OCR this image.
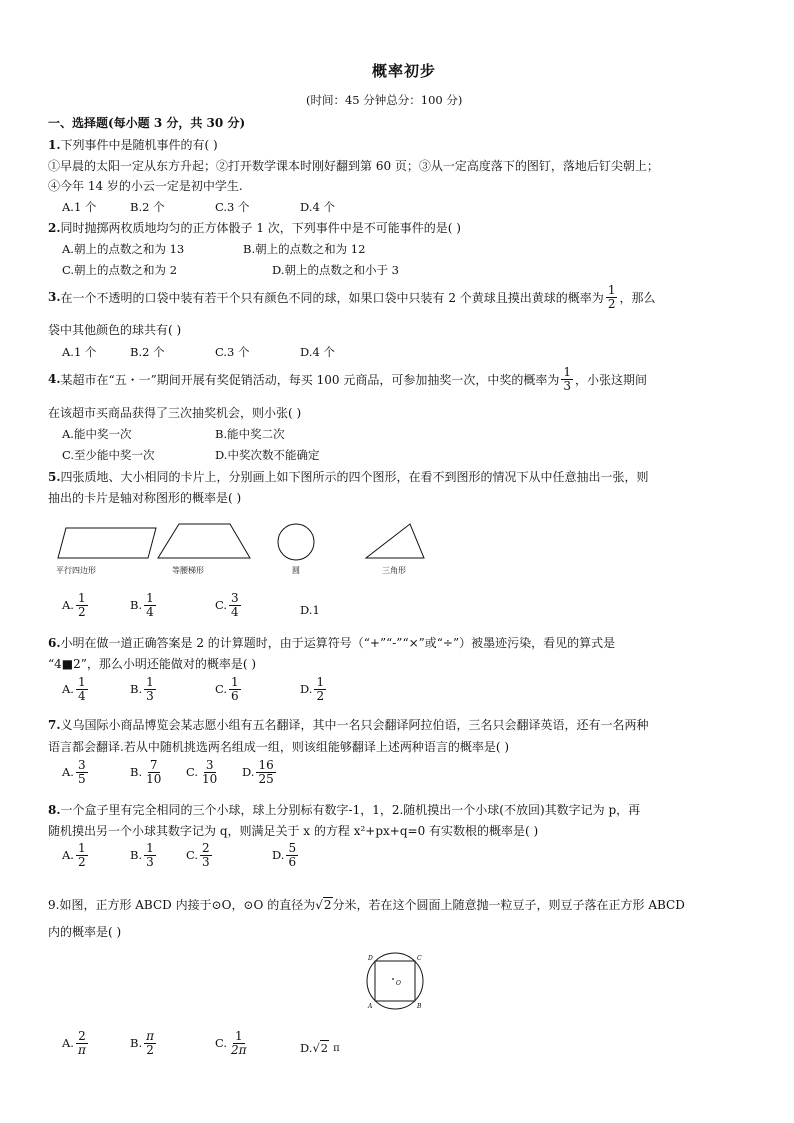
概率初步
(时间：45 分钟总分：100 分)
一、选择题(每小题 3 分，共 30 分)
1.下列事件中是随机事件的有( )
①早晨的太阳一定从东方升起；②打开数学课本时刚好翻到第 60 页；③从一定高度落下的图钉，落地后钉尖朝上；
④今年 14 岁的小云一定是初中学生.
A.1 个	B.2 个	C.3 个	D.4 个
2.同时抛掷两枚质地均匀的正方体骰子 1 次，下列事件中是不可能事件的是( )
A.朝上的点数之和为 13	B.朝上的点数之和为 12
C.朝上的点数之和为 2	D.朝上的点数之和小于 3
3. 在一个不透明的口袋中装有若干个只有颜色不同的球，如果口袋中只装有 2 个黄球且摸出黄球的概率为 $\frac{1}{2}$ ，那么
袋中其他颜色的球共有( )
A.1 个	B.2 个	C.3 个	D.4 个
4. 某超市在“五・一”期间开展有奖促销活动，每买 100 元商品，可参加抽奖一次，中奖的概率为 $\frac{1}{3}$ ，小张这期间
在该超市买商品获得了三次抽奖机会，则小张( )
A.能中奖一次	B.能中奖二次
C.至少能中奖一次	D.中奖次数不能确定
5.四张质地、大小相同的卡片上，分别画上如下图所示的四个图形，在看不到图形的情况下从中任意抽出一张，则
抽出的卡片是轴对称图形的概率是( )
平行四边形	等腰梯形	圆	三角形
A. $\frac{1}{2}$	B. $\frac{1}{4}$	C. $\frac{3}{4}$	D.1
6.小明在做一道正确答案是 2 的计算题时，由于运算符号（“+”“-”“×”或“÷”）被墨迹污染，看见的算式是
“4■2”，那么小明还能做对的概率是( )
A. $\frac{1}{4}$	B. $\frac{1}{3}$	C. $\frac{1}{6}$	D. $\frac{1}{2}$
7.义乌国际小商品博览会某志愿小组有五名翻译，其中一名只会翻译阿拉伯语，三名只会翻译英语，还有一名两种
语言都会翻译.若从中随机挑选两名组成一组，则该组能够翻译上述两种语言的概率是( )
A. $\frac{3}{5}$	B. $\frac{7}{10} C$. $\frac{3}{10} D$. $\frac{16}{25}$
8.一个盒子里有完全相同的三个小球，球上分别标有数字-1，1，2.随机摸出一个小球(不放回)其数字记为 p，再
随机摸出另一个小球其数字记为 q，则满足关于 x 的方程 x²+px+q=0 有实数根的概率是( )
A. $\frac{1}{2}$	B. $\frac{1}{3}$	C. $\frac{2}{3}$	D. $\frac{5}{6}$
9. 如图，正方形 ABCD 内接于⊙O，⊙O 的直径为 √2 分米，若在这个圆面上随意抛一粒豆子，则豆子落在正方形 ABCD
内的概率是( )
D	C
A	B
O
A. $\frac{2}{\pi}$	B. $\frac{\pi}{2}$	C. $\frac{1}{2\pi}$	D. √2 π
